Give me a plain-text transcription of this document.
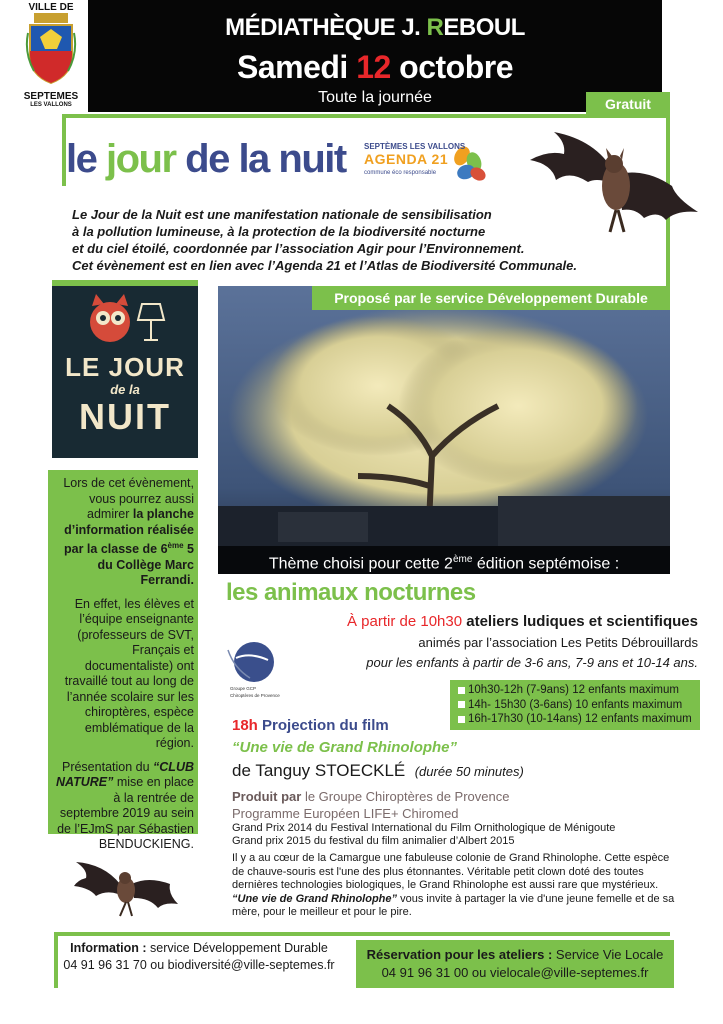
VILLE DE
SEPTEMES
LES VALLONS
MÉDIATHÈQUE J. REBOUL
Samedi 12 octobre
Toute la journée	Gratuit
le jour de la nuit SEPTÈMES LES VALLONS
AGENDA 21
commune éco responsable
Le Jour de la Nuit est une manifestation nationale de sensibilisation
à la pollution lumineuse, à la protection de la biodiversité nocturne
et du ciel étoilé, coordonnée par l’association Agir pour l’Environnement.
Cet évènement est en lien avec l’Agenda 21 et l’Atlas de Biodiversité Communale.
LE JOUR
de la
NUIT
Proposé par le service Développement Durable
Thème choisi pour cette 2ème édition septémoise :

Lors de cet évènement, vous pourrez aussi admirer la planche d’information réalisée par la classe de 6ème 5 du Collège Marc Ferrandi.

En effet, les élèves et l’équipe enseignante (professeurs de SVT, Français et documentaliste) ont travaillé tout au long de l’année scolaire sur les chiroptères, espèce emblématique de la région.

Présentation du “CLUB NATURE” mise en place à la rentrée de septembre 2019 au sein de l’EJmS par Sébastien BENDUCKIENG.

les animaux nocturnes
À partir de 10h30 ateliers ludiques et scientifiques
animés par l’association Les Petits Débrouillards
pour les enfants à partir de 3-6 ans, 7-9 ans et 10-14 ans.
Groupe GCP
Chiroptères de Provence	10h30-12h (7-9ans) 12 enfants maximum
14h- 15h30 (3-6ans) 10 enfants maximum
16h-17h30 (10-14ans) 12 enfants maximum
18h Projection du film
“Une vie de Grand Rhinolophe”
de Tanguy STOECKLÉ (durée 50 minutes)
Produit par le Groupe Chiroptères de Provence
Programme Européen LIFE+ Chiromed
Grand Prix 2014 du Festival International du Film Ornithologique de Ménigoute
Grand prix 2015 du festival du film animalier d’Albert 2015
Il y a au cœur de la Camargue une fabuleuse colonie de Grand Rhinolophe. Cette espèce de chauve-souris est l'une des plus étonnantes. Véritable petit clown doté des toutes dernières technologies biologiques, le Grand Rhinolophe est aussi rare que mystérieux. “Une vie de Grand Rhinolophe” vous invite à partager la vie d'une jeune femelle et de sa mère, pour le meilleur et pour le pire.
Information : service Développement Durable
04 91 96 31 70 ou biodiversité@ville-septemes.fr
Réservation pour les ateliers : Service Vie Locale
04 91 96 31 00 ou vielocale@ville-septemes.fr
